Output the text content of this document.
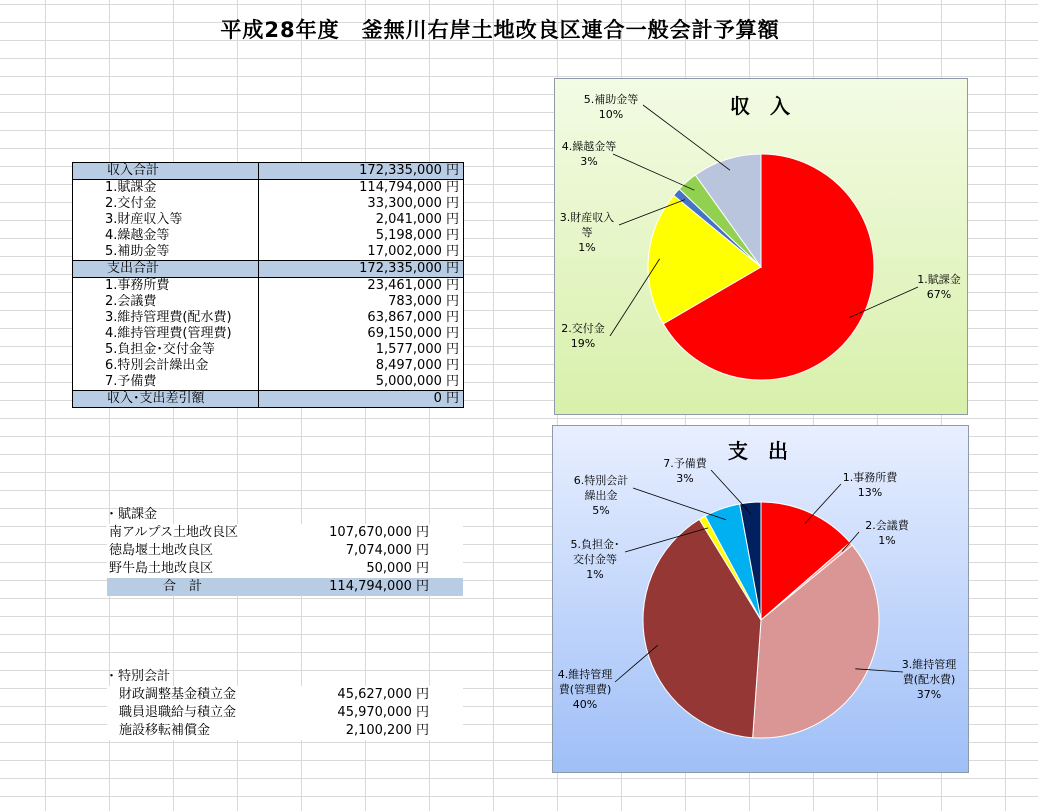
平成28年度　釜無川右岸土地改良区連合一般会計予算額
収入合計	172,335,000 円
1.賦課金	114,794,000 円
2.交付金	33,300,000 円
3.財産収入等	2,041,000 円
4.繰越金等	5,198,000 円
5.補助金等	17,002,000 円
支出合計	172,335,000 円
1.事務所費	23,461,000 円
2.会議費	783,000 円
3.維持管理費(配水費)	63,867,000 円
4.維持管理費(管理費)	69,150,000 円
5.負担金･交付金等	1,577,000 円
6.特別会計繰出金	8,497,000 円
7.予備費	5,000,000 円
収入･支出差引額	0 円
・賦課金
南アルプス土地改良区	107,670,000 円
徳島堰土地改良区	7,074,000 円
野牛島土地改良区	50,000 円
合　計	114,794,000 円
・特別会計
財政調整基金積立金	45,627,000 円
職員退職給与積立金	45,970,000 円
施設移転補償金	2,100,200 円
収　入
1.賦課金
67%
2.交付金
19%
3.財産収入
等
1%
4.繰越金等
3%
5.補助金等
10%
支　出
1.事務所費
13%
2.会議費
1%
3.維持管理
費(配水費)
37%
4.維持管理
費(管理費)
40%
5.負担金･
交付金等
1%
6.特別会計
繰出金
5%
7.予備費
3%
